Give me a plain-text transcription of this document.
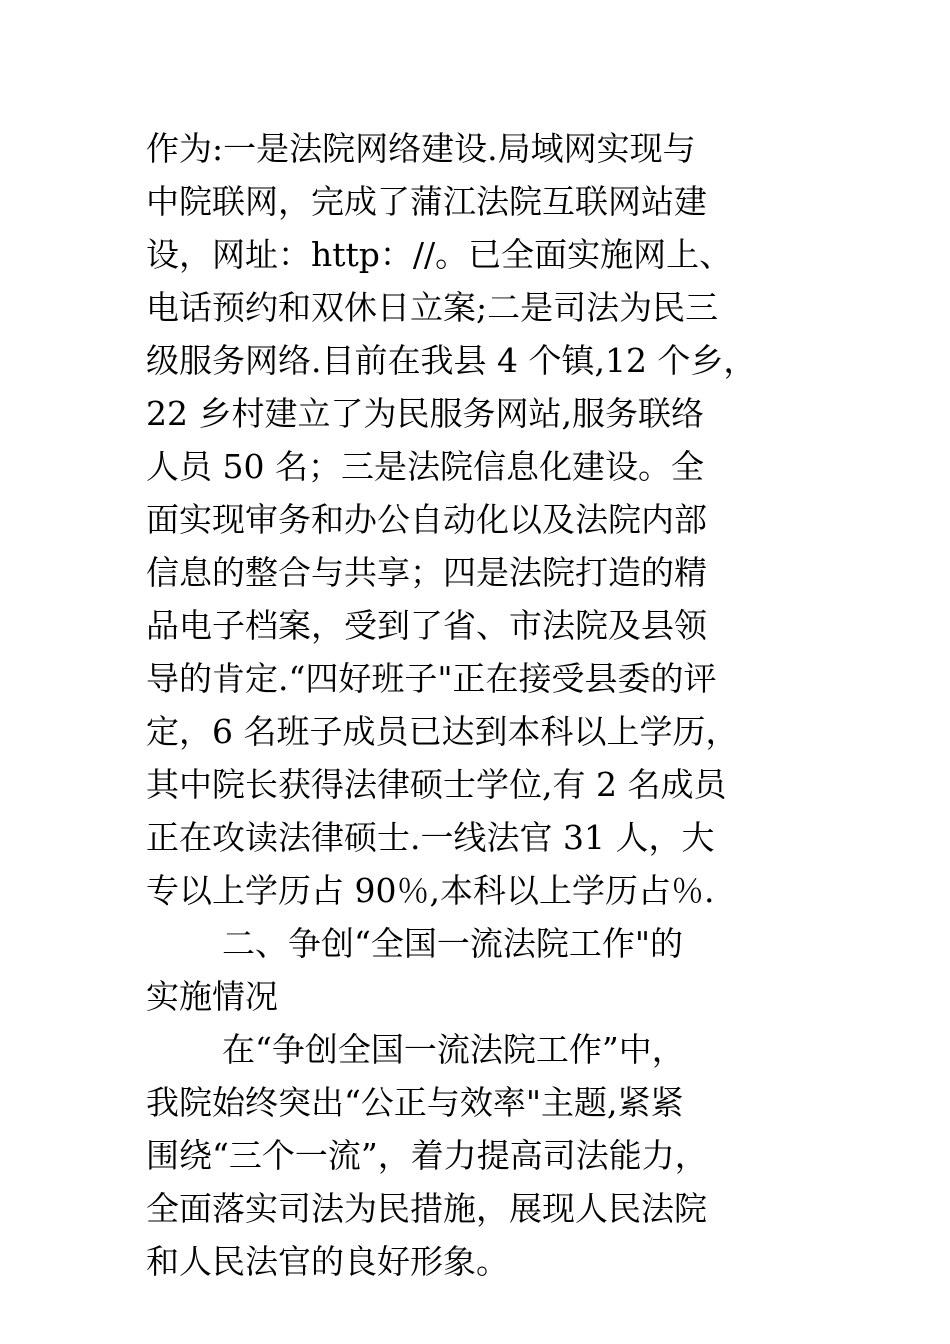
作为:一是法院网络建设.局域网实现与
中院联网，完成了蒲江法院互联网站建
设，网址：http：//。已全面实施网上、
电话预约和双休日立案;二是司法为民三
级服务网络.目前在我县 4 个镇,12 个乡，
22 乡村建立了为民服务网站,服务联络
人员 50 名；三是法院信息化建设。全
面实现审务和办公自动化以及法院内部
信息的整合与共享；四是法院打造的精
品电子档案，受到了省、市法院及县领
导的肯定.“四好班子"正在接受县委的评
定，6 名班子成员已达到本科以上学历，
其中院长获得法律硕士学位,有 2 名成员
正在攻读法律硕士.一线法官 31 人，大
专以上学历占 90％,本科以上学历占％.
二、争创“全国一流法院工作"的
实施情况
在“争创全国一流法院工作”中，
我院始终突出“公正与效率"主题,紧紧
围绕“三个一流”，着力提高司法能力，
全面落实司法为民措施，展现人民法院
和人民法官的良好形象。
